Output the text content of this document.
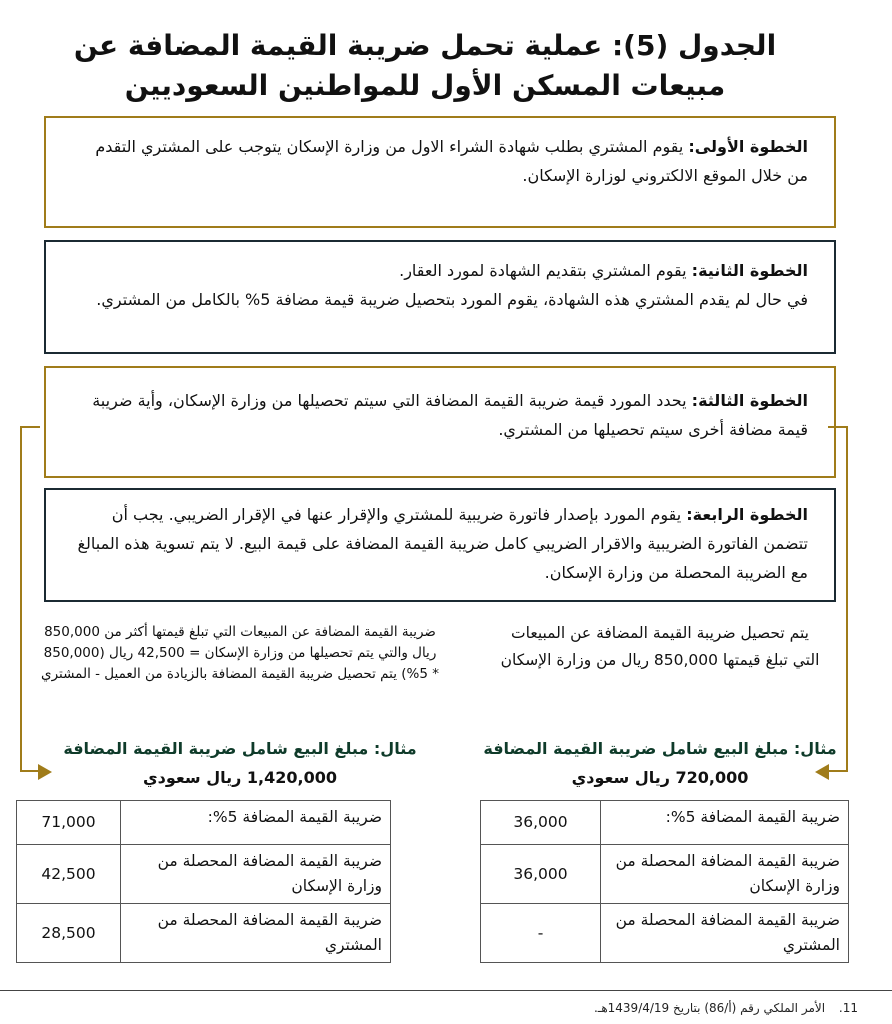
الجدول (5): عملية تحمل ضريبة القيمة المضافة عن مبيعات المسكن الأول للمواطنين السعوديين
الخطوة الأولى: يقوم المشتري بطلب شهادة الشراء الاول من وزارة الإسكان يتوجب على المشتري التقدم من خلال الموقع الالكتروني لوزارة الإسكان.
الخطوة الثانية: يقوم المشتري بتقديم الشهادة لمورد العقار.
في حال لم يقدم المشتري هذه الشهادة، يقوم المورد بتحصيل ضريبة قيمة مضافة 5% بالكامل من المشتري.
الخطوة الثالثة: يحدد المورد قيمة ضريبة القيمة المضافة التي سيتم تحصيلها من وزارة الإسكان، وأية ضريبة قيمة مضافة أخرى سيتم تحصيلها من المشتري.
الخطوة الرابعة: يقوم المورد بإصدار فاتورة ضريبية للمشتري والإقرار عنها في الإقرار الضريبي. يجب أن تتضمن الفاتورة الضريبية والاقرار الضريبي كامل ضريبة القيمة المضافة على قيمة البيع. لا يتم تسوية هذه المبالغ مع الضريبة المحصلة من وزارة الإسكان.
يتم تحصيل ضريبة القيمة المضافة عن المبيعات التي تبلغ قيمتها 850,000 ريال من وزارة الإسكان
ضريبة القيمة المضافة عن المبيعات التي تبلغ قيمتها أكثر من 850,000 ريال والتي يتم تحصيلها من وزارة الإسكان = 42,500 ريال (850,000 * 5%) يتم تحصيل ضريبة القيمة المضافة بالزيادة من العميل - المشتري
مثال: مبلغ البيع شامل ضريبة القيمة المضافة
720,000 ريال سعودي
مثال: مبلغ البيع شامل ضريبة القيمة المضافة
1,420,000 ريال سعودي
ضريبة القيمة المضافة 5%:	36,000
ضريبة القيمة المضافة المحصلة من وزارة الإسكان	36,000
ضريبة القيمة المضافة المحصلة من المشتري	-
ضريبة القيمة المضافة 5%:	71,000
ضريبة القيمة المضافة المحصلة من وزارة الإسكان	42,500
ضريبة القيمة المضافة المحصلة من المشتري	28,500
11. الأمر الملكي رقم (أ/86) بتاريخ 1439/4/19هـ.
